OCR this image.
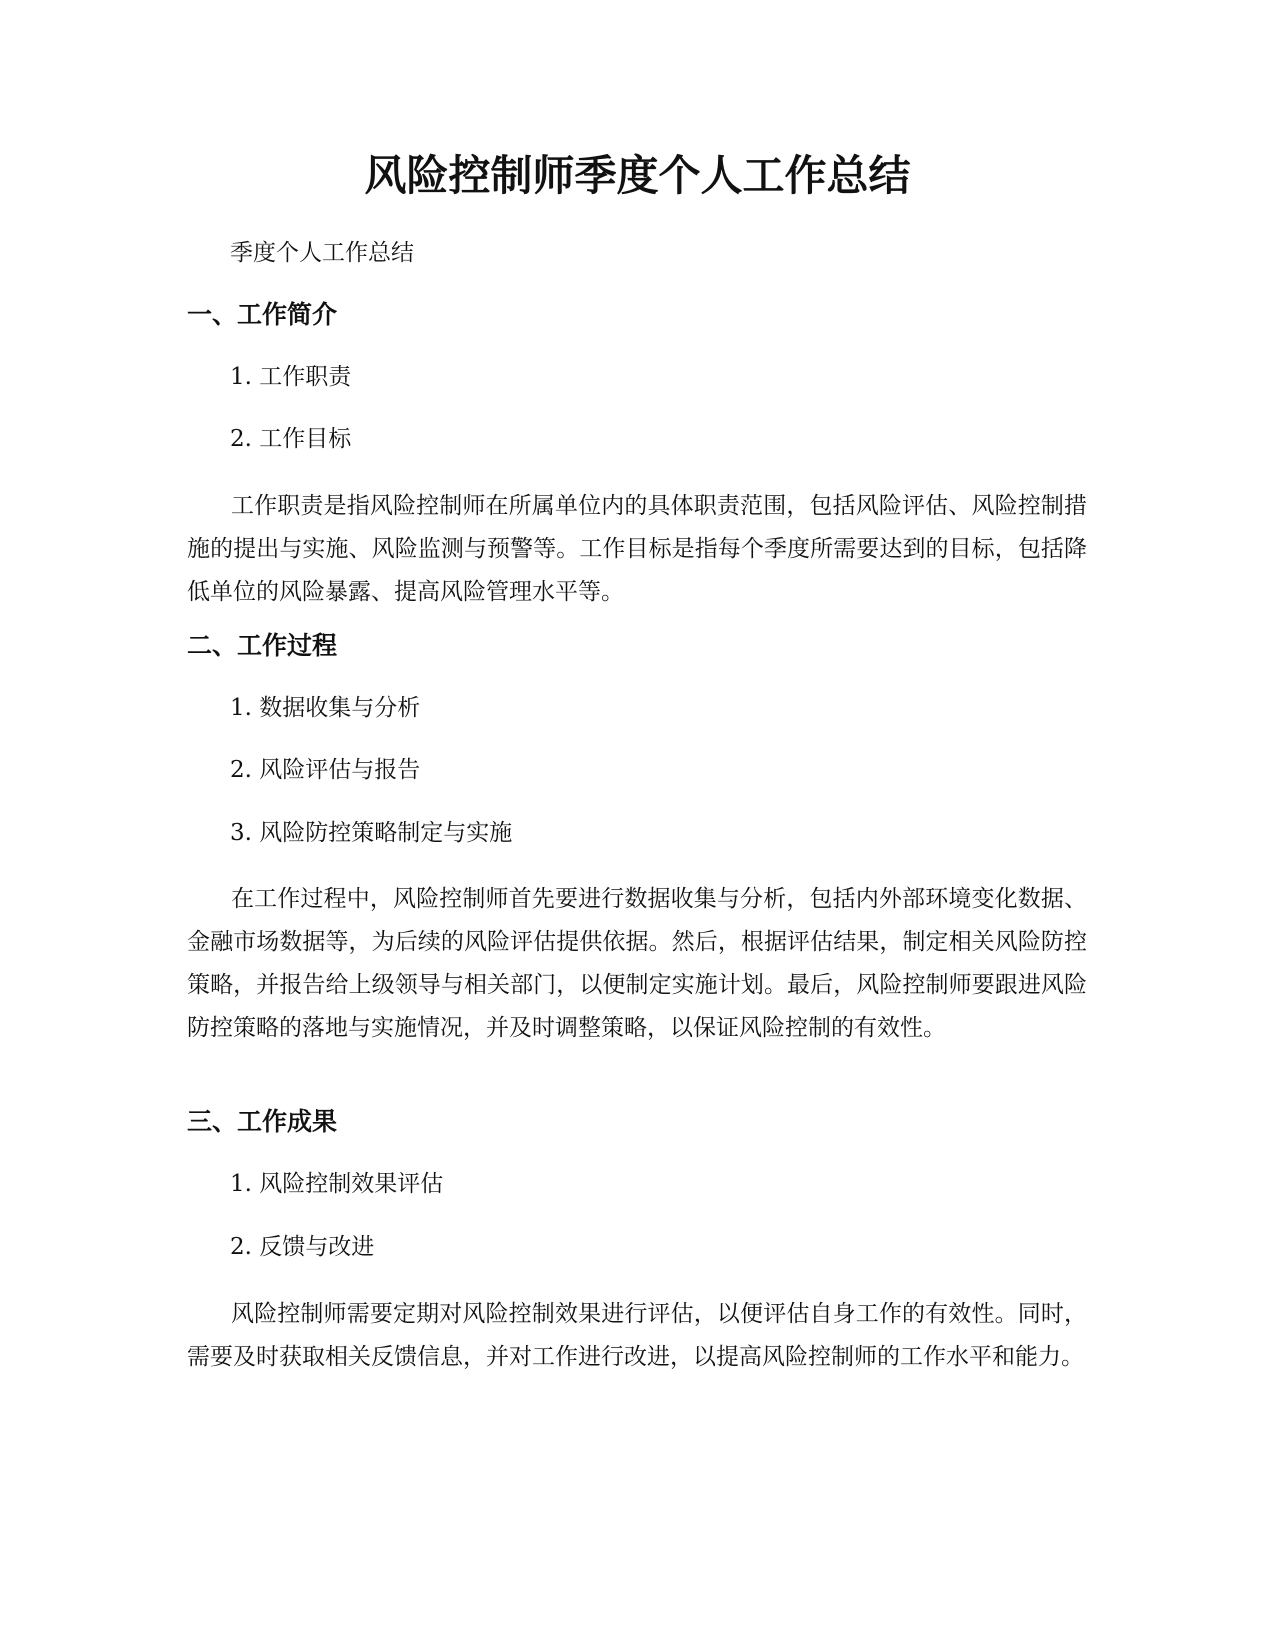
风险控制师季度个人工作总结

季度个人工作总结

一、工作简介

1. 工作职责

2. 工作目标

工作职责是指风险控制师在所属单位内的具体职责范围，包括风险评估、风险控制措施的提出与实施、风险监测与预警等。工作目标是指每个季度所需要达到的目标，包括降低单位的风险暴露、提高风险管理水平等。

二、工作过程

1. 数据收集与分析

2. 风险评估与报告

3. 风险防控策略制定与实施

在工作过程中，风险控制师首先要进行数据收集与分析，包括内外部环境变化数据、金融市场数据等，为后续的风险评估提供依据。然后，根据评估结果，制定相关风险防控策略，并报告给上级领导与相关部门，以便制定实施计划。最后，风险控制师要跟进风险防控策略的落地与实施情况，并及时调整策略，以保证风险控制的有效性。

三、工作成果

1. 风险控制效果评估

2. 反馈与改进

风险控制师需要定期对风险控制效果进行评估，以便评估自身工作的有效性。同时，需要及时获取相关反馈信息，并对工作进行改进，以提高风险控制师的工作水平和能力。
